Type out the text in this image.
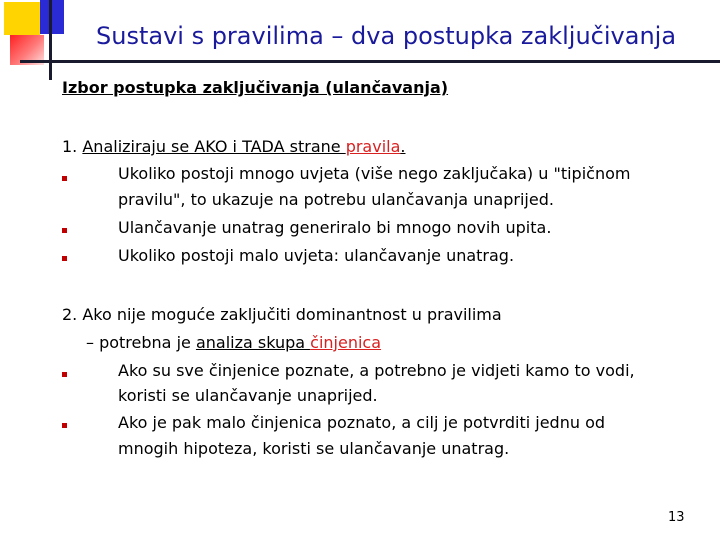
Sustavi s pravilima – dva postupka zaključivanja
Izbor postupka zaključivanja (ulančavanja)
1. Analiziraju se AKO i TADA strane pravila.
Ukoliko postoji mnogo uvjeta (više nego zaključaka) u "tipičnom
pravilu", to ukazuje na potrebu ulančavanja unaprijed.
Ulančavanje unatrag generiralo bi mnogo novih upita.
Ukoliko postoji malo uvjeta: ulančavanje unatrag.
2. Ako nije moguće zaključiti dominantnost u pravilima
– potrebna je analiza skupa činjenica
Ako su sve činjenice poznate, a potrebno je vidjeti kamo to vodi,
koristi se ulančavanje unaprijed.
Ako je pak malo činjenica poznato, a cilj je potvrditi jednu od
mnogih hipoteza, koristi se ulančavanje unatrag.
13
